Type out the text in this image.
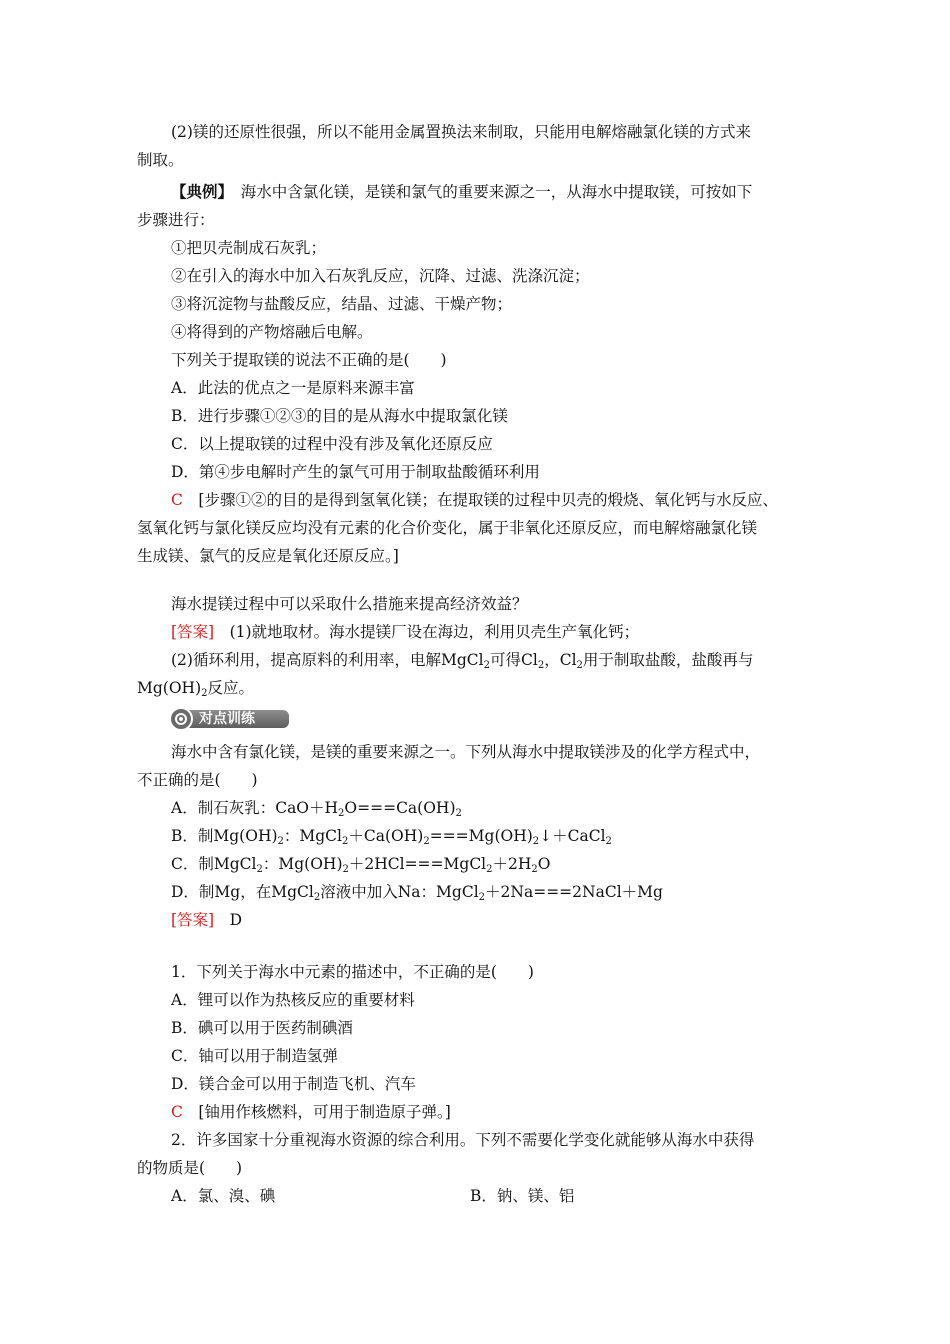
(2)镁的还原性很强，所以不能用金属置换法来制取，只能用电解熔融氯化镁的方式来
制取。
【典例】　 海水中含氯化镁，是镁和氯气的重要来源之一，从海水中提取镁，可按如下
步骤进行：
①把贝壳制成石灰乳；
②在引入的海水中加入石灰乳反应，沉降、过滤、洗涤沉淀；
③将沉淀物与盐酸反应，结晶、过滤、干燥产物；
④将得到的产物熔融后电解。
下列关于提取镁的说法不正确的是(　　)
A．此法的优点之一是原料来源丰富
B．进行步骤①②③的目的是从海水中提取氯化镁
C．以上提取镁的过程中没有涉及氧化还原反应
D．第④步电解时产生的氯气可用于制取盐酸循环利用
C　 [步骤①②的目的是得到氢氧化镁；在提取镁的过程中贝壳的煅烧、氧化钙与水反应、
氢氧化钙与氯化镁反应均没有元素的化合价变化，属于非氧化还原反应，而电解熔融氯化镁
生成镁、氯气的反应是氧化还原反应。]
海水提镁过程中可以采取什么措施来提高经济效益？
[答案]　 (1)就地取材。海水提镁厂设在海边，利用贝壳生产氧化钙；
(2)循环利用，提高原料的利用率，电解MgCl$_2$可得$Cl_2$，$Cl_2$用于制取盐酸，盐酸再与
$Mg(OH)_2$反应。
对点训练
海水中含有氯化镁，是镁的重要来源之一。下列从海水中提取镁涉及的化学方程式中，
不正确的是(　　)
A．制石灰乳：$CaO+H_2O===Ca(OH)_2$
B．制$Mg(OH)_2$：$MgCl_2+Ca(OH)_2===Mg(OH)_2↓+CaCl_2$
C．制MgCl$_2$：$Mg(OH)_2+2HCl===MgCl_2+2H_2O$
D．制Mg，在MgCl$_2$溶液中加入Na：MgCl$_2$＋2Na===2NaCl＋Mg
[答案]　 D
1．下列关于海水中元素的描述中，不正确的是(　　)
A．锂可以作为热核反应的重要材料
B．碘可以用于医药制碘酒
C．铀可以用于制造氢弹
D．镁合金可以用于制造飞机、汽车
C　 [铀用作核燃料，可用于制造原子弹。]
2．许多国家十分重视海水资源的综合利用。下列不需要化学变化就能够从海水中获得
的物质是(　　)
A．氯、溴、碘	B．钠、镁、铝
